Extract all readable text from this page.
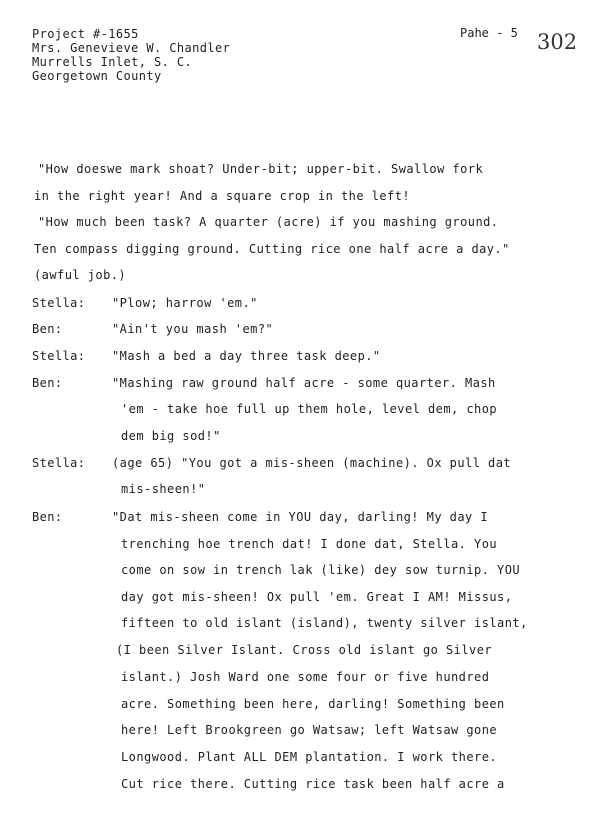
Project #-1655
Mrs. Genevieve W. Chandler
Murrells Inlet, S. C.
Georgetown County
Pahe - 5 302
"How doeswe mark shoat? Under-bit; upper-bit. Swallow fork
in the right year! And a square crop in the left!
"How much been task? A quarter (acre) if you mashing ground.
Ten compass digging ground. Cutting rice one half acre a day."
(awful job.)
Stella: "Plow; harrow 'em."
Ben:	"Ain't you mash 'em?"
Stella: "Mash a bed a day three task deep."
Ben:	"Mashing raw ground half acre - some quarter. Mash
'em - take hoe full up them hole, level dem, chop
dem big sod!"
Stella: (age 65) "You got a mis-sheen (machine). Ox pull dat
mis-sheen!"
Ben:	"Dat mis-sheen come in YOU day, darling! My day I
trenching hoe trench dat! I done dat, Stella. You
come on sow in trench lak (like) dey sow turnip. YOU
day got mis-sheen! Ox pull 'em. Great I AM! Missus,
fifteen to old islant (island), twenty silver islant,
(I been Silver Islant. Cross old islant go Silver
islant.) Josh Ward one some four or five hundred
acre. Something been here, darling! Something been
here! Left Brookgreen go Watsaw; left Watsaw gone
Longwood. Plant ALL DEM plantation. I work there.
Cut rice there. Cutting rice task been half acre a
